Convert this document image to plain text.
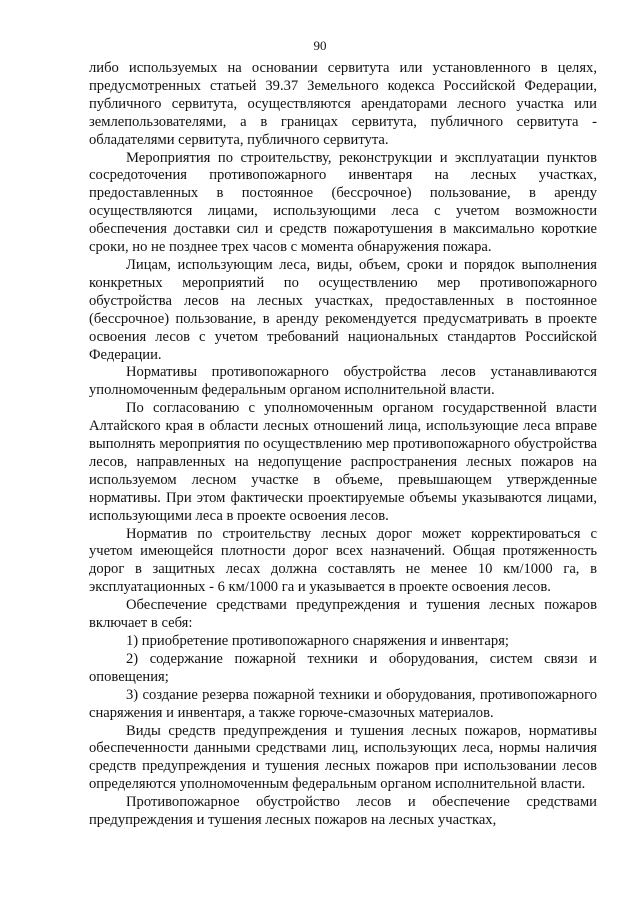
90

либо используемых на основании сервитута или установленного в целях, предусмотренных статьей 39.37 Земельного кодекса Российской Федерации, публичного сервитута, осуществляются арендаторами лесного участка или землепользователями, а в границах сервитута, публичного сервитута - обладателями сервитута, публичного сервитута.

Мероприятия по строительству, реконструкции и эксплуатации пунктов сосредоточения противопожарного инвентаря на лесных участках, предоставленных в постоянное (бессрочное) пользование, в аренду осуществляются лицами, использующими леса с учетом возможности обеспечения доставки сил и средств пожаротушения в максимально короткие сроки, но не позднее трех часов с момента обнаружения пожара.

Лицам, использующим леса, виды, объем, сроки и порядок выполнения конкретных мероприятий по осуществлению мер противопожарного обустройства лесов на лесных участках, предоставленных в постоянное (бессрочное) пользование, в аренду рекомендуется предусматривать в проекте освоения лесов с учетом требований национальных стандартов Российской Федерации.

Нормативы противопожарного обустройства лесов устанавливаются уполномоченным федеральным органом исполнительной власти.

По согласованию с уполномоченным органом государственной власти Алтайского края в области лесных отношений лица, использующие леса вправе выполнять мероприятия по осуществлению мер противопожарного обустройства лесов, направленных на недопущение распространения лесных пожаров на используемом лесном участке в объеме, превышающем утвержденные нормативы. При этом фактически проектируемые объемы указываются лицами, использующими леса в проекте освоения лесов.

Норматив по строительству лесных дорог может корректироваться с учетом имеющейся плотности дорог всех назначений. Общая протяженность дорог в защитных лесах должна составлять не менее 10 км/1000 га, в эксплуатационных - 6 км/1000 га и указывается в проекте освоения лесов.

Обеспечение средствами предупреждения и тушения лесных пожаров включает в себя:

1) приобретение противопожарного снаряжения и инвентаря;

2) содержание пожарной техники и оборудования, систем связи и оповещения;

3) создание резерва пожарной техники и оборудования, противопожарного снаряжения и инвентаря, а также горюче-смазочных материалов.

Виды средств предупреждения и тушения лесных пожаров, нормативы обеспеченности данными средствами лиц, использующих леса, нормы наличия средств предупреждения и тушения лесных пожаров при использовании лесов определяются уполномоченным федеральным органом исполнительной власти.

Противопожарное обустройство лесов и обеспечение средствами предупреждения и тушения лесных пожаров на лесных участках,
